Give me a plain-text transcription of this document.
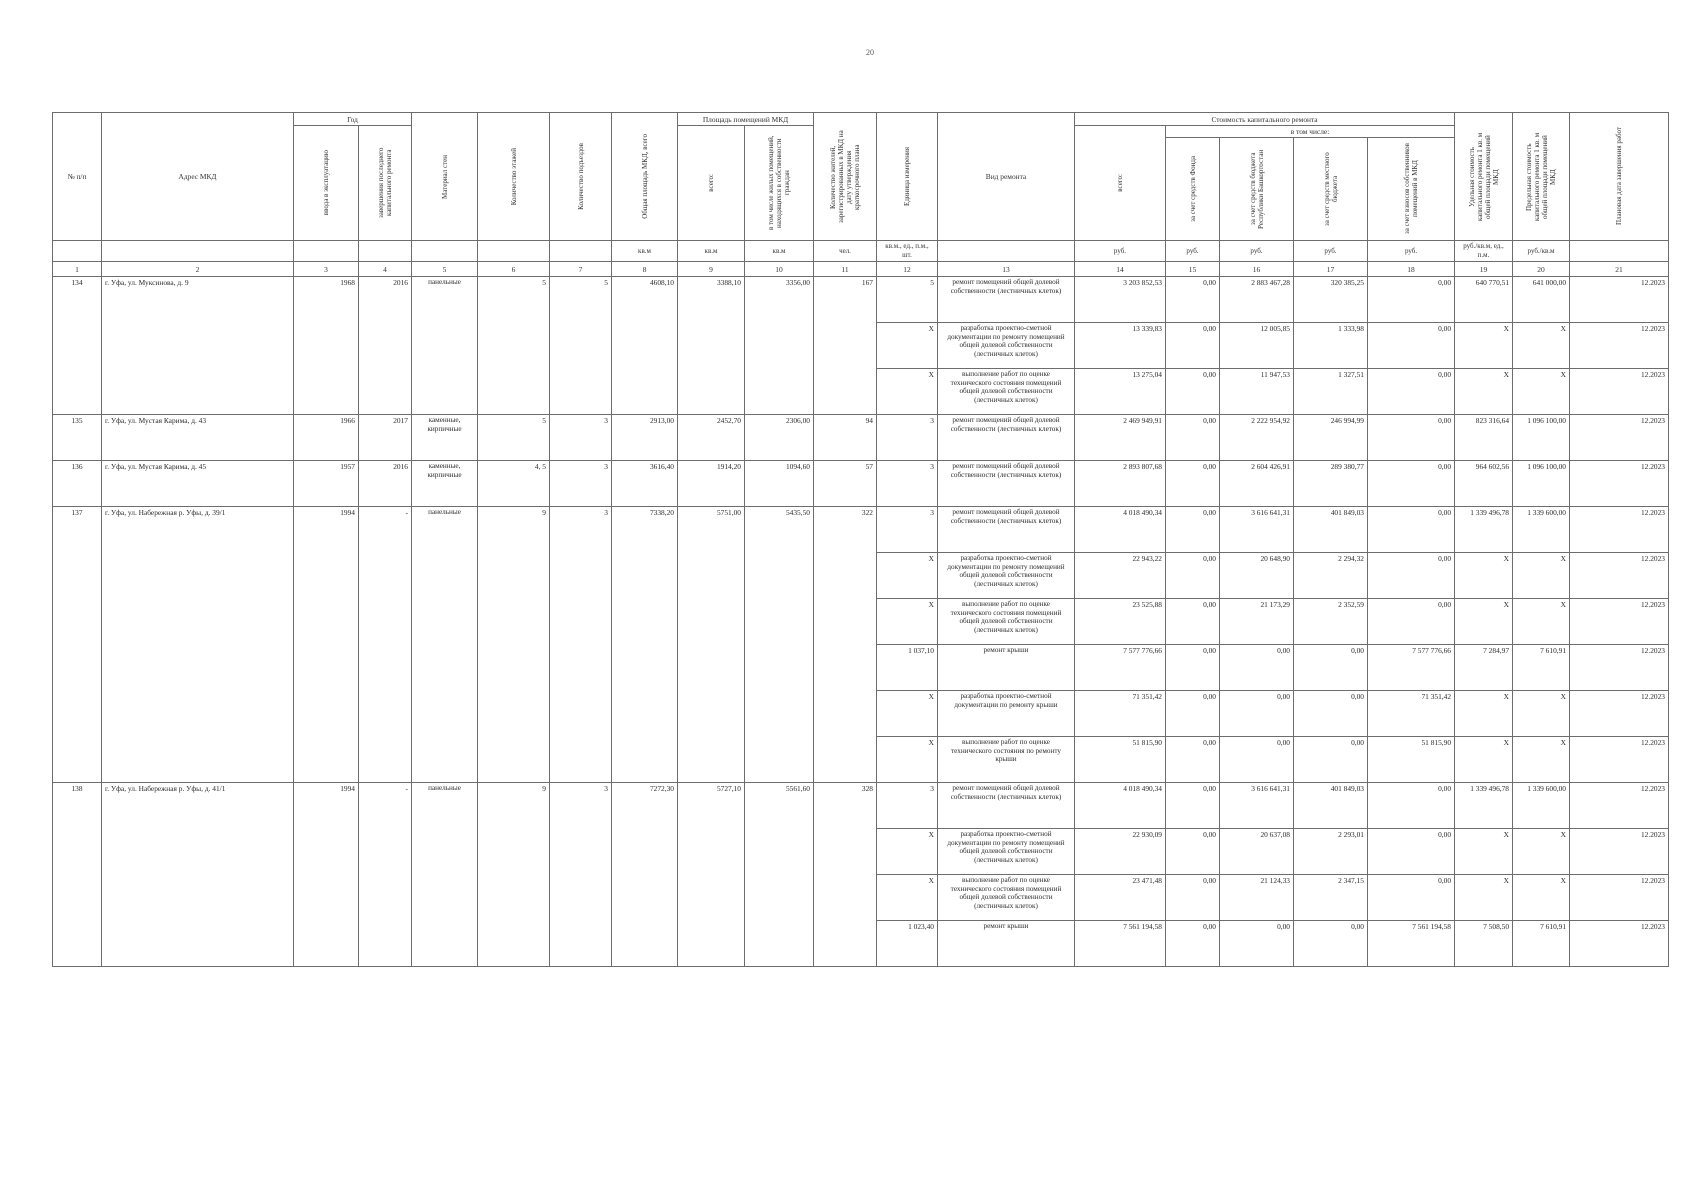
20
№ п/п	Адрес МКД	Год		Материал стен	Количество этажей	Количество подъездов	Общая площадь МКД, всего	Площадь помещений МКД		Количество жителей, зарегистрированных в МКД на дату утверждения краткосрочного плана	Единица измерения	Вид ремонта	Стоимость капитального ремонта					Удельная стоимость капитального ремонта 1 кв. м общей площади помещений МКД	Предельная стоимость капитального ремонта 1 кв. м общей площади помещений МКД	Плановая дата завершения работ

		ввода в эксплуатацию	завершения последнего капитального ремонта					всего:	в том числе жилых помещений, находящихся в собственности граждан				всего:	в том числе:						

														за счет средств Фонда	за счет средств бюджета Республики Башкортостан	за счет средств местного бюджета	за счет взносов собственников помещений в МКД			

							кв.м	кв.м	кв.м	чел.	кв.м., ед., п.м., шт.		руб.	руб.	руб.	руб.	руб.	руб./кв.м, ед., п.м.	руб./кв.м	
1	2	3	4	5	6	7	8	9	10	11	12	13	14	15	16	17	18	19	20	21
134	г. Уфа, ул. Муксинова, д. 9	1968	2016	панельные	5	5	4608,10	3388,10	3356,00	167	5	ремонт помещений общей долевой собственности (лестничных клеток)	3 203 852,53	0,00	2 883 467,28	320 385,25	0,00	640 770,51	641 000,00	12.2023
											X	разработка проектно-сметной документации по ремонту помещений общей долевой собственности (лестничных клеток)	13 339,83	0,00	12 005,85	1 333,98	0,00	X	X	12.2023
											X	выполнение работ по оценке технического состояния помещений общей долевой собственности (лестничных клеток)	13 275,04	0,00	11 947,53	1 327,51	0,00	X	X	12.2023
135	г. Уфа, ул. Мустая Карима, д. 43	1966	2017	каменные, кирпичные	5	3	2913,00	2452,70	2306,00	94	3	ремонт помещений общей долевой собственности (лестничных клеток)	2 469 949,91	0,00	2 222 954,92	246 994,99	0,00	823 316,64	1 096 100,00	12.2023
136	г. Уфа, ул. Мустая Карима, д. 45	1957	2016	каменные, кирпичные	4, 5	3	3616,40	1914,20	1094,60	57	3	ремонт помещений общей долевой собственности (лестничных клеток)	2 893 807,68	0,00	2 604 426,91	289 380,77	0,00	964 602,56	1 096 100,00	12.2023
137	г. Уфа, ул. Набережная р. Уфы, д. 39/1	1994	-	панельные	9	3	7338,20	5751,00	5435,50	322	3	ремонт помещений общей долевой собственности (лестничных клеток)	4 018 490,34	0,00	3 616 641,31	401 849,03	0,00	1 339 496,78	1 339 600,00	12.2023
											X	разработка проектно-сметной документации по ремонту помещений общей долевой собственности (лестничных клеток)	22 943,22	0,00	20 648,90	2 294,32	0,00	X	X	12.2023
											X	выполнение работ по оценке технического состояния помещений общей долевой собственности (лестничных клеток)	23 525,88	0,00	21 173,29	2 352,59	0,00	X	X	12.2023
											1 037,10	ремонт крыши	7 577 776,66	0,00	0,00	0,00	7 577 776,66	7 284,97	7 610,91	12.2023
											X	разработка проектно-сметной документации по ремонту крыши	71 351,42	0,00	0,00	0,00	71 351,42	X	X	12.2023
											X	выполнение работ по оценке технического состояния по ремонту крыши	51 815,90	0,00	0,00	0,00	51 815,90	X	X	12.2023
138	г. Уфа, ул. Набережная р. Уфы, д. 41/1	1994	-	панельные	9	3	7272,30	5727,10	5561,60	328	3	ремонт помещений общей долевой собственности (лестничных клеток)	4 018 490,34	0,00	3 616 641,31	401 849,03	0,00	1 339 496,78	1 339 600,00	12.2023
											X	разработка проектно-сметной документации по ремонту помещений общей долевой собственности (лестничных клеток)	22 930,09	0,00	20 637,08	2 293,01	0,00	X	X	12.2023
											X	выполнение работ по оценке технического состояния помещений общей долевой собственности (лестничных клеток)	23 471,48	0,00	21 124,33	2 347,15	0,00	X	X	12.2023
											1 023,40	ремонт крыши	7 561 194,58	0,00	0,00	0,00	7 561 194,58	7 508,50	7 610,91	12.2023
